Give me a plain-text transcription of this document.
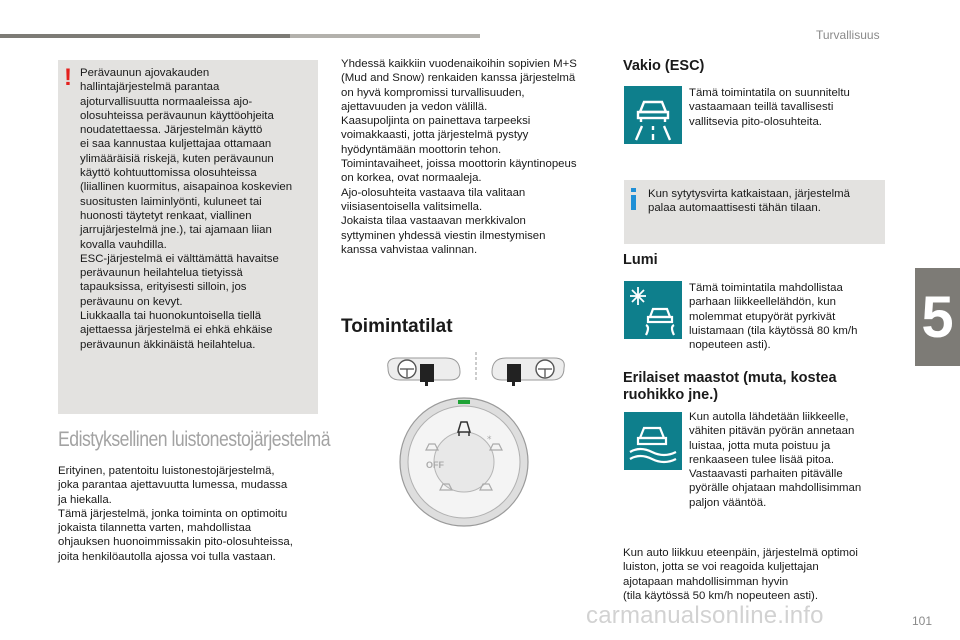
Turvallisuus
5
! Perävaunun ajovakauden
hallintajärjestelmä parantaa
ajoturvallisuutta normaaleissa ajo-
olosuhteissa perävaunun käyttöohjeita
noudatettaessa. Järjestelmän käyttö
ei saa kannustaa kuljettajaa ottamaan
ylimääräisiä riskejä, kuten perävaunun
käyttö kohtuuttomissa olosuhteissa
(liiallinen kuormitus, aisapainoa koskevien
suositusten laiminlyönti, kuluneet tai
huonosti täytetyt renkaat, viallinen
jarrujärjestelmä jne.), tai ajamaan liian
kovalla vauhdilla.
ESC-järjestelmä ei välttämättä havaitse
perävaunun heilahtelua tietyissä
tapauksissa, erityisesti silloin, jos
perävaunu on kevyt.
Liukkaalla tai huonokuntoisella tiellä
ajettaessa järjestelmä ei ehkä ehkäise
perävaunun äkkinäistä heilahtelua.

Edistyksellinen luistonestojärjestelmä

Erityinen, patentoitu luistonestojärjestelmä,
joka parantaa ajettavuutta lumessa, mudassa
ja hiekalla.
Tämä järjestelmä, jonka toiminta on optimoitu
jokaista tilannetta varten, mahdollistaa
ohjauksen huonoimmissakin pito-olosuhteissa,
joita henkilöautolla ajossa voi tulla vastaan.

Yhdessä kaikkiin vuodenaikoihin sopivien M+S
(Mud and Snow) renkaiden kanssa järjestelmä
on hyvä kompromissi turvallisuuden,
ajettavuuden ja vedon välillä.
Kaasupoljinta on painettava tarpeeksi
voimakkaasti, jotta järjestelmä pystyy
hyödyntämään moottorin tehon.
Toimintavaiheet, joissa moottorin käyntinopeus
on korkea, ovat normaaleja.
Ajo-olosuhteita vastaava tila valitaan
viisiasentoisella valitsimella.
Jokaista tilaa vastaavan merkkivalon
syttyminen yhdessä viestin ilmestymisen
kanssa vahvistaa valinnan.

Toimintatilat
*
OFF
Vakio (ESC)

Tämä toimintatila on suunniteltu
vastaamaan teillä tavallisesti
vallitsevia pito-olosuhteita.

Kun sytytysvirta katkaistaan, järjestelmä
palaa automaattisesti tähän tilaan.

Lumi

Tämä toimintatila mahdollistaa
parhaan liikkeellelähdön, kun
molemmat etupyörät pyrkivät
luistamaan (tila käytössä 80 km/h
nopeuteen asti).

Erilaiset maastot (muta, kostea
ruohikko jne.)

Kun autolla lähdetään liikkeelle,
vähiten pitävän pyörän annetaan
luistaa, jotta muta poistuu ja
renkaaseen tulee lisää pitoa.
Vastaavasti parhaiten pitävälle
pyörälle ohjataan mahdollisimman
paljon vääntöä.

Kun auto liikkuu eteenpäin, järjestelmä optimoi
luiston, jotta se voi reagoida kuljettajan
ajotapaan mahdollisimman hyvin
(tila käytössä 50 km/h nopeuteen asti).

carmanualsonline.info	101
